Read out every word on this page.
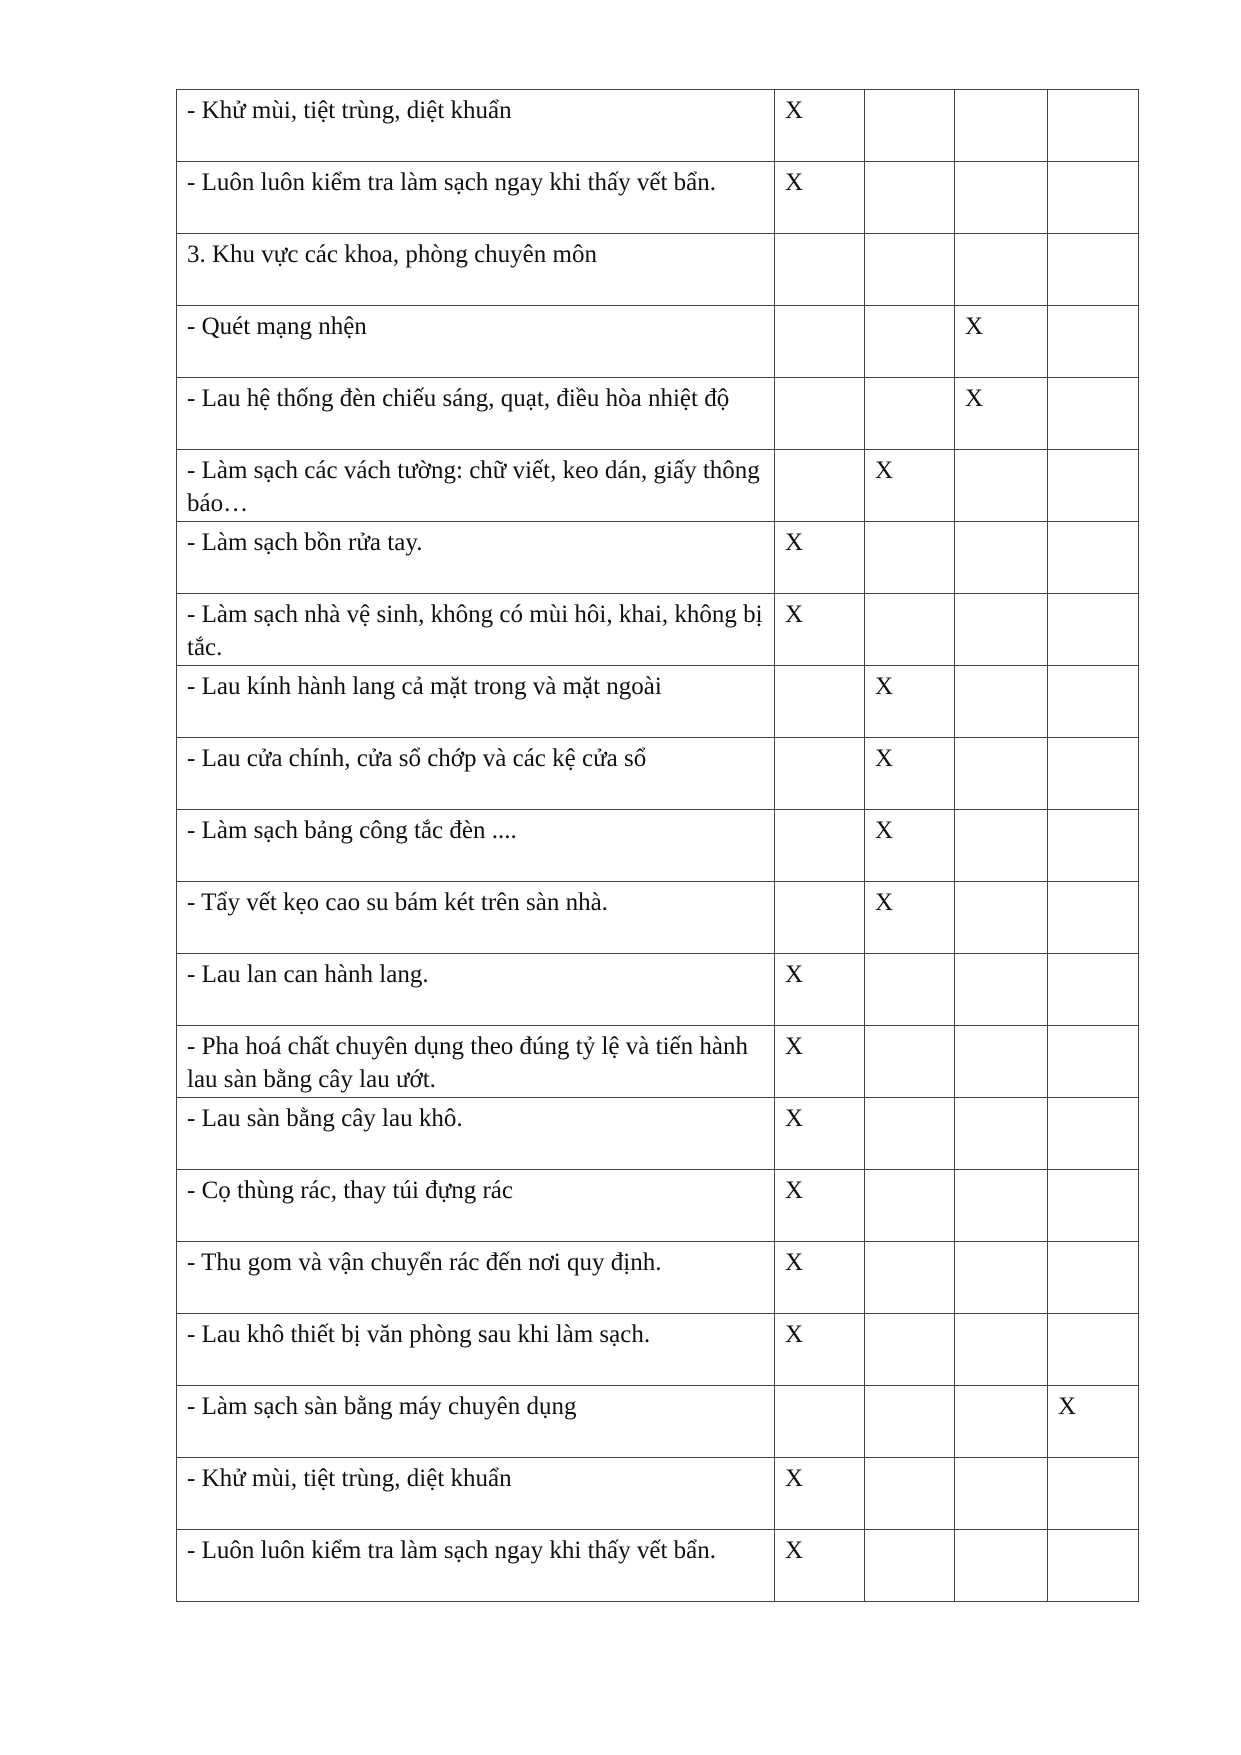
- Khử mùi, tiệt trùng, diệt khuẩn	X			
- Luôn luôn kiểm tra làm sạch ngay khi thấy vết bẩn.	X			
3. Khu vực các khoa, phòng chuyên môn				
- Quét mạng nhện			X	
- Lau hệ thống đèn chiếu sáng, quạt, điều hòa nhiệt độ			X	
- Làm sạch các vách tường: chữ viết, keo dán, giấy thông báo…		X		
- Làm sạch bồn rửa tay.	X			
- Làm sạch nhà vệ sinh, không có mùi hôi, khai, không bị tắc.	X			
- Lau kính hành lang cả mặt trong và mặt ngoài		X		
- Lau cửa chính, cửa sổ chớp và các kệ cửa sổ		X		
- Làm sạch bảng công tắc đèn ....		X		
- Tẩy vết kẹo cao su bám két trên sàn nhà.		X		
- Lau lan can hành lang.	X			
- Pha hoá chất chuyên dụng theo đúng tỷ lệ và tiến hành lau sàn bằng cây lau ướt.	X			
- Lau sàn bằng cây lau khô.	X			
- Cọ thùng rác, thay túi đựng rác	X			
- Thu gom và vận chuyển rác đến nơi quy định.	X			
- Lau khô thiết bị văn phòng sau khi làm sạch.	X			
- Làm sạch sàn bằng máy chuyên dụng				X
- Khử mùi, tiệt trùng, diệt khuẩn	X			
- Luôn luôn kiểm tra làm sạch ngay khi thấy vết bẩn.	X			
